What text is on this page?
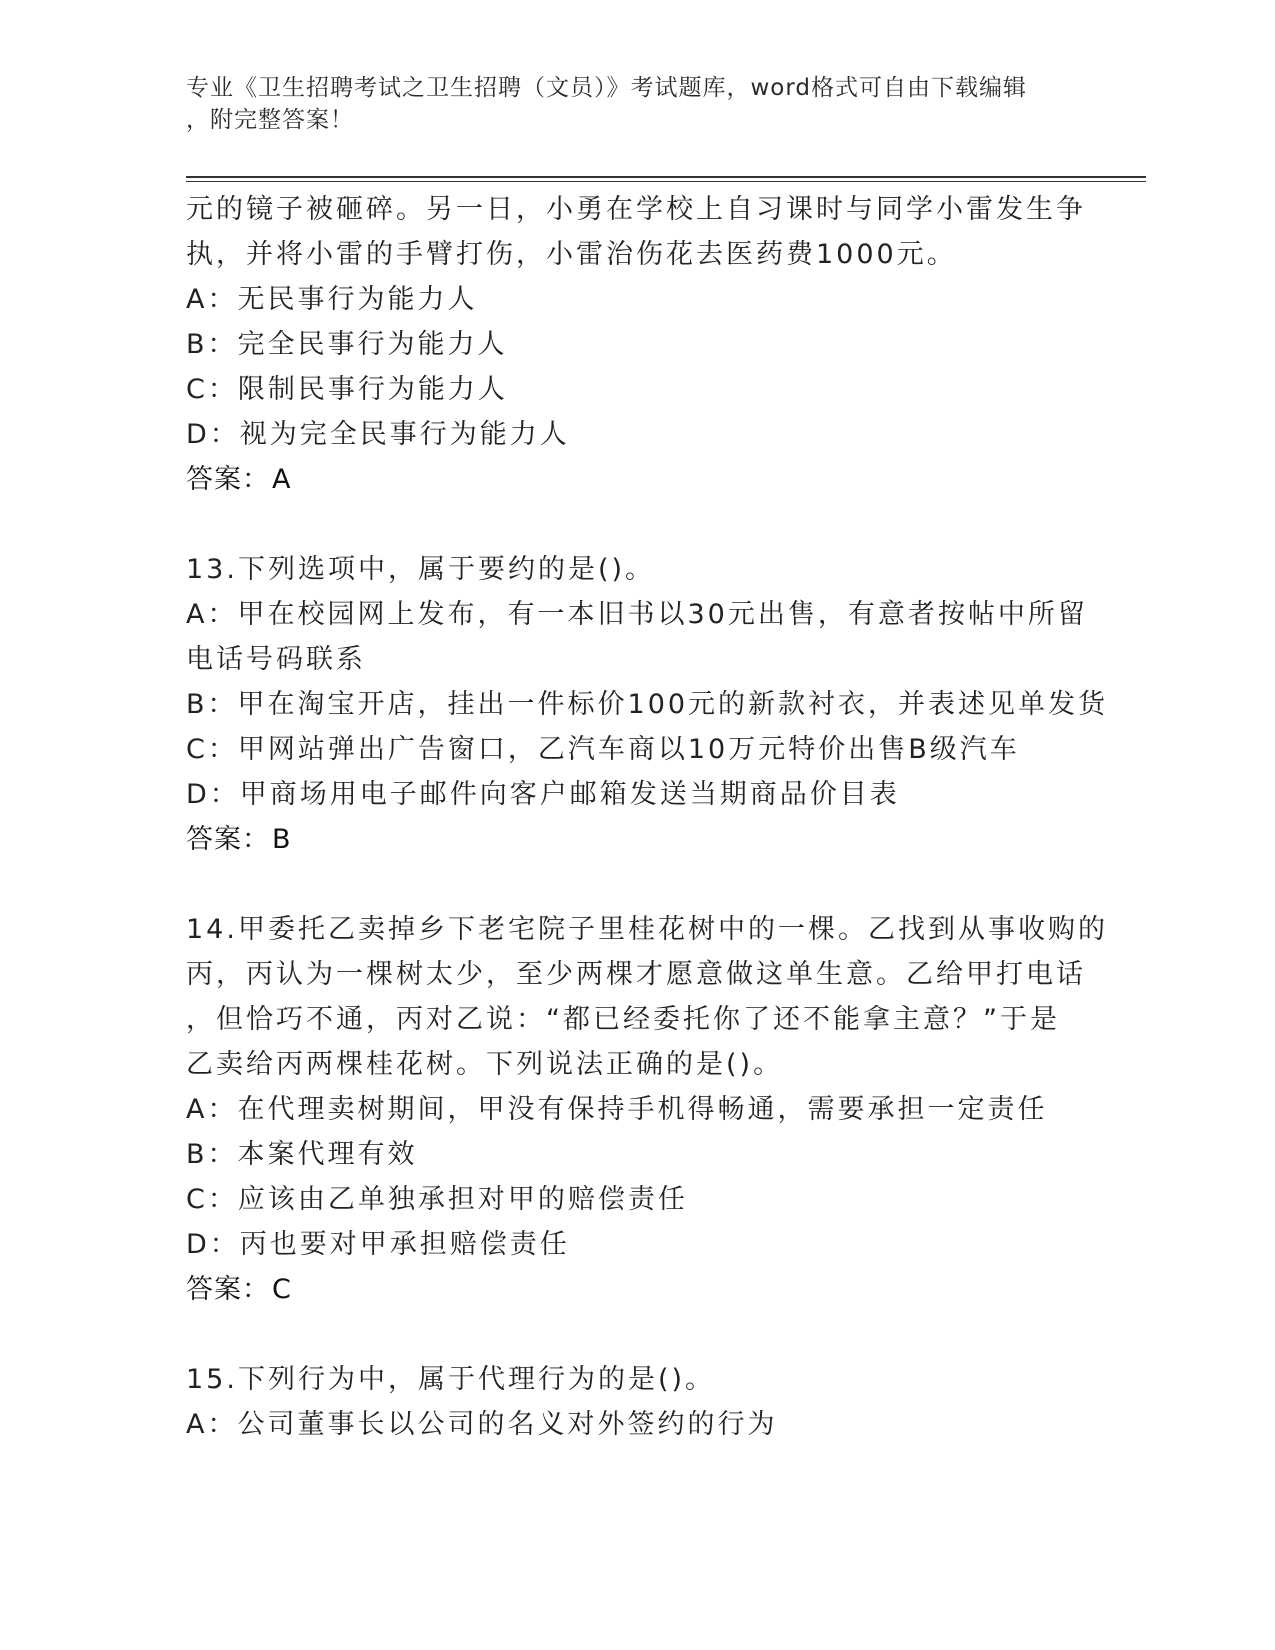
专业《卫生招聘考试之卫生招聘（文员）》考试题库，word格式可自由下载编辑
，附完整答案！
元的镜子被砸碎。另一日，小勇在学校上自习课时与同学小雷发生争
执，并将小雷的手臂打伤，小雷治伤花去医药费1000元。
A：无民事行为能力人
B：完全民事行为能力人
C：限制民事行为能力人
D：视为完全民事行为能力人
答案：A
13.下列选项中，属于要约的是()。
A：甲在校园网上发布，有一本旧书以30元出售，有意者按帖中所留
电话号码联系
B：甲在淘宝开店，挂出一件标价100元的新款衬衣，并表述见单发货
C：甲网站弹出广告窗口，乙汽车商以10万元特价出售B级汽车
D：甲商场用电子邮件向客户邮箱发送当期商品价目表
答案：B
14.甲委托乙卖掉乡下老宅院子里桂花树中的一棵。乙找到从事收购的
丙，丙认为一棵树太少，至少两棵才愿意做这单生意。乙给甲打电话
，但恰巧不通，丙对乙说：“都已经委托你了还不能拿主意？”于是
乙卖给丙两棵桂花树。下列说法正确的是()。
A：在代理卖树期间，甲没有保持手机得畅通，需要承担一定责任
B：本案代理有效
C：应该由乙单独承担对甲的赔偿责任
D：丙也要对甲承担赔偿责任
答案：C
15.下列行为中，属于代理行为的是()。
A：公司董事长以公司的名义对外签约的行为
